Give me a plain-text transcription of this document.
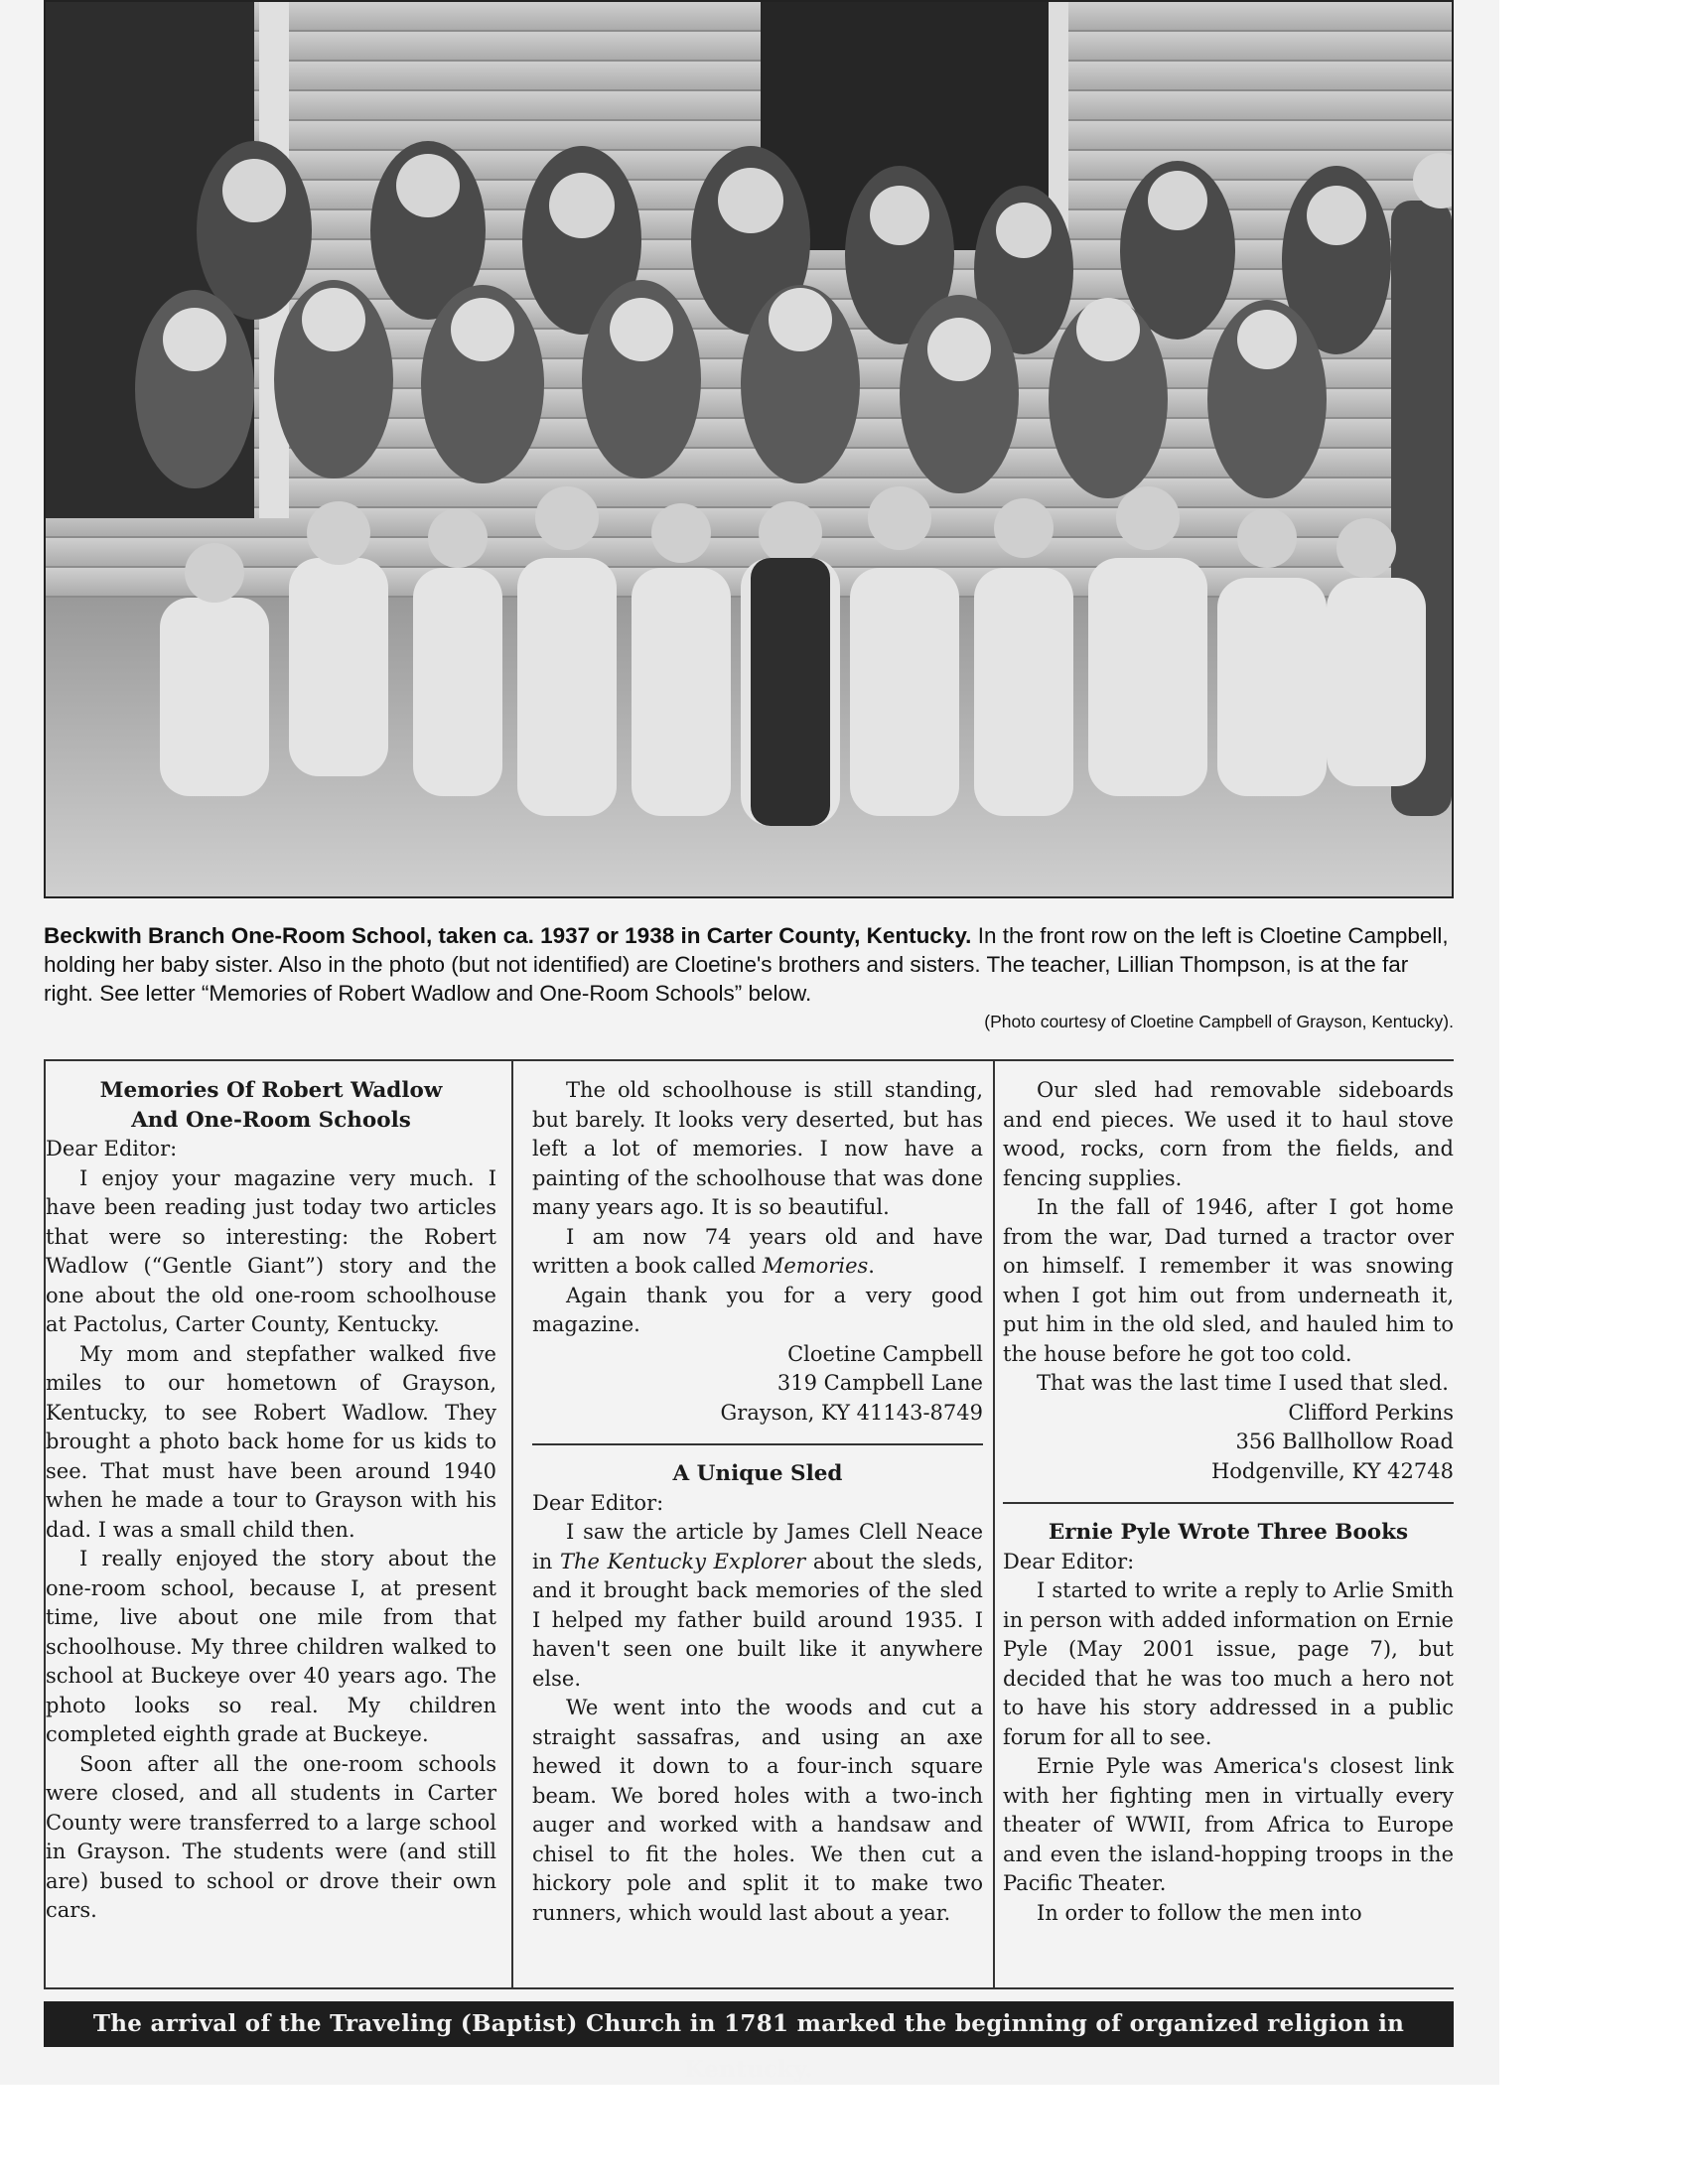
Beckwith Branch One-Room School, taken ca. 1937 or 1938 in Carter County, Kentucky. In the front row on the left is Cloetine Campbell, holding her baby sister. Also in the photo (but not identified) are Cloetine's brothers and sisters. The teacher, Lillian Thompson, is at the far right. See letter “Memories of Robert Wadlow and One-Room Schools” below.
(Photo courtesy of Cloetine Campbell of Grayson, Kentucky).
Memories Of Robert Wadlow
And One-Room Schools

Dear Editor:

I enjoy your magazine very much. I have been reading just today two articles that were so interesting: the Robert Wadlow (“Gentle Giant”) story and the one about the old one-room schoolhouse at Pactolus, Carter County, Kentucky.

My mom and stepfather walked five miles to our hometown of Grayson, Kentucky, to see Robert Wadlow. They brought a photo back home for us kids to see. That must have been around 1940 when he made a tour to Grayson with his dad. I was a small child then.

I really enjoyed the story about the one-room school, because I, at present time, live about one mile from that schoolhouse. My three children walked to school at Buckeye over 40 years ago. The photo looks so real. My children completed eighth grade at Buckeye.

Soon after all the one-room schools were closed, and all students in Carter County were transferred to a large school in Grayson. The students were (and still are) bused to school or drove their own cars.

The old schoolhouse is still standing, but barely. It looks very deserted, but has left a lot of memories. I now have a painting of the schoolhouse that was done many years ago. It is so beautiful.

I am now 74 years old and have written a book called Memories.

Again thank you for a very good magazine.

Cloetine Campbell

319 Campbell Lane

Grayson, KY 41143-8749

A Unique Sled

Dear Editor:

I saw the article by James Clell Neace in The Kentucky Explorer about the sleds, and it brought back memories of the sled I helped my father build around 1935. I haven't seen one built like it anywhere else.

We went into the woods and cut a straight sassafras, and using an axe hewed it down to a four-inch square beam. We bored holes with a two-inch auger and worked with a handsaw and chisel to fit the holes. We then cut a hickory pole and split it to make two runners, which would last about a year.

Our sled had removable sideboards and end pieces. We used it to haul stove wood, rocks, corn from the fields, and fencing supplies.

In the fall of 1946, after I got home from the war, Dad turned a tractor over on himself. I remember it was snowing when I got him out from underneath it, put him in the old sled, and hauled him to the house before he got too cold.

That was the last time I used that sled.

Clifford Perkins

356 Ballhollow Road

Hodgenville, KY 42748

Ernie Pyle Wrote Three Books

Dear Editor:

I started to write a reply to Arlie Smith in person with added information on Ernie Pyle (May 2001 issue, page 7), but decided that he was too much a hero not to have his story addressed in a public forum for all to see.

Ernie Pyle was America's closest link with her fighting men in virtually every theater of WWII, from Africa to Europe and even the island-hopping troops in the Pacific Theater.

In order to follow the men into

The arrival of the Traveling (Baptist) Church in 1781 marked the beginning of organized religion in Kentucky.
